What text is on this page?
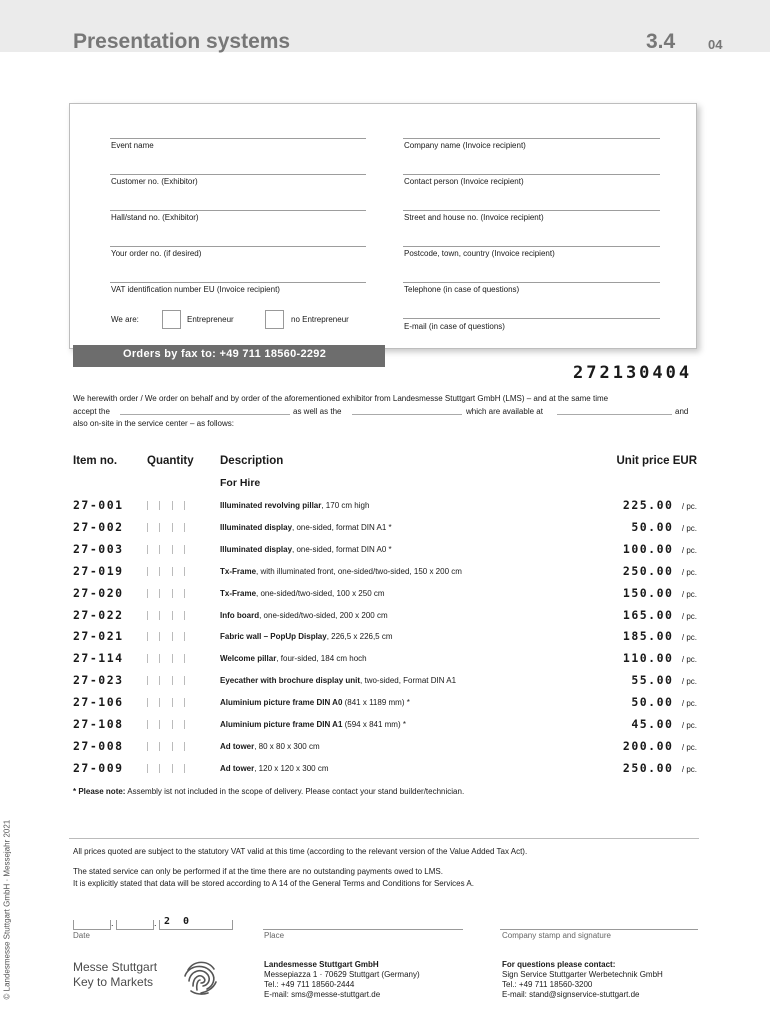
Presentation systems	3.4	04
Event name
Customer no. (Exhibitor)
Hall/stand no. (Exhibitor)
Your order no. (if desired)
VAT identification number EU (Invoice recipient)
We are:	Entrepreneur	no Entrepreneur
Company name (Invoice recipient)
Contact person (Invoice recipient)
Street and house no. (Invoice recipient)
Postcode, town, country (Invoice recipient)
Telephone (in case of questions)
E-mail (in case of questions)
Orders by fax to: +49 711 18560-2292
272130404
We herewith order / We order on behalf and by order of the aforementioned exhibitor from Landesmesse Stuttgart GmbH (LMS) – and at the same time
accept the	as well as the	which are available at	and
also on-site in the service center – as follows:
Item no.	Quantity Description	Unit price EUR
For Hire
27-001	Illuminated revolving pillar, 170 cm high	225.00 / pc.
27-002	Illuminated display, one-sided, format DIN A1 *	50.00 / pc.
27-003	Illuminated display, one-sided, format DIN A0 *	100.00 / pc.
27-019	Tx-Frame, with illuminated front, one-sided/two-sided, 150 x 200 cm	250.00 / pc.
27-020	Tx-Frame, one-sided/two-sided, 100 x 250 cm	150.00 / pc.
27-022	Info board, one-sided/two-sided, 200 x 200 cm	165.00 / pc.
27-021	Fabric wall – PopUp Display, 226,5 x 226,5 cm	185.00 / pc.
27-114	Welcome pillar, four-sided, 184 cm hoch	110.00 / pc.
27-023	Eyecather with brochure display unit, two-sided, Format DIN A1	55.00 / pc.
27-106	Aluminium picture frame DIN A0 (841 x 1189 mm) *	50.00 / pc.
27-108	Aluminium picture frame DIN A1 (594 x 841 mm) *	45.00 / pc.
27-008	Ad tower, 80 x 80 x 300 cm	200.00 / pc.
27-009	Ad tower, 120 x 120 x 300 cm	250.00 / pc.
* Please note: Assembly ist not included in the scope of delivery. Please contact your stand builder/technician.
© Landesmesse Stuttgart GmbH · Messejahr 2021	All prices quoted are subject to the statutory VAT valid at this time (according to the relevant version of the Value Added Tax Act).
The stated service can only be performed if at the time there are no outstanding payments owed to LMS.
It is explicitly stated that data will be stored according to A 14 of the General Terms and Conditions for Services A.
.	. 2 0
Date	Place	Company stamp and signature
Messe Stuttgart
Key to Markets
Landesmesse Stuttgart GmbH
Messepiazza 1 · 70629 Stuttgart (Germany)
Tel.: +49 711 18560-2444
E-mail: sms@messe-stuttgart.de
For questions please contact:
Sign Service Stuttgarter Werbetechnik GmbH
Tel.: +49 711 18560-3200
E-mail: stand@signservice-stuttgart.de
